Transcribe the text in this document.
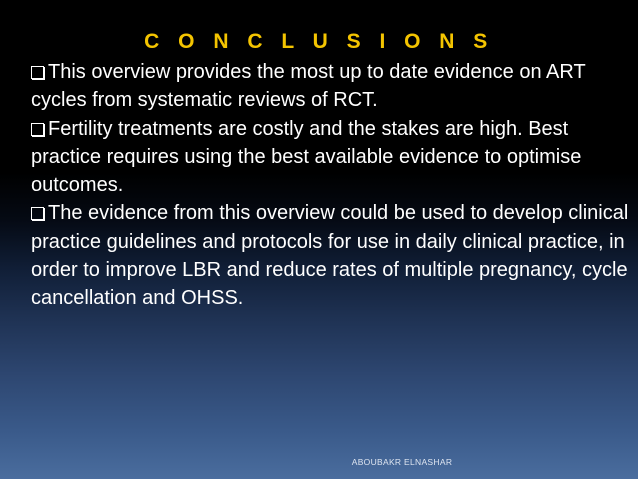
C O N C L U S I O N S
This overview provides the most up to date evidence on ART cycles from systematic reviews of RCT.
Fertility treatments are costly and the stakes are high. Best practice requires using the best available evidence to optimise outcomes.
The evidence from this overview could be used to develop clinical practice guidelines and protocols for use in daily clinical practice, in order to improve LBR and reduce rates of multiple pregnancy, cycle cancellation and OHSS.

ABOUBAKR ELNASHAR
